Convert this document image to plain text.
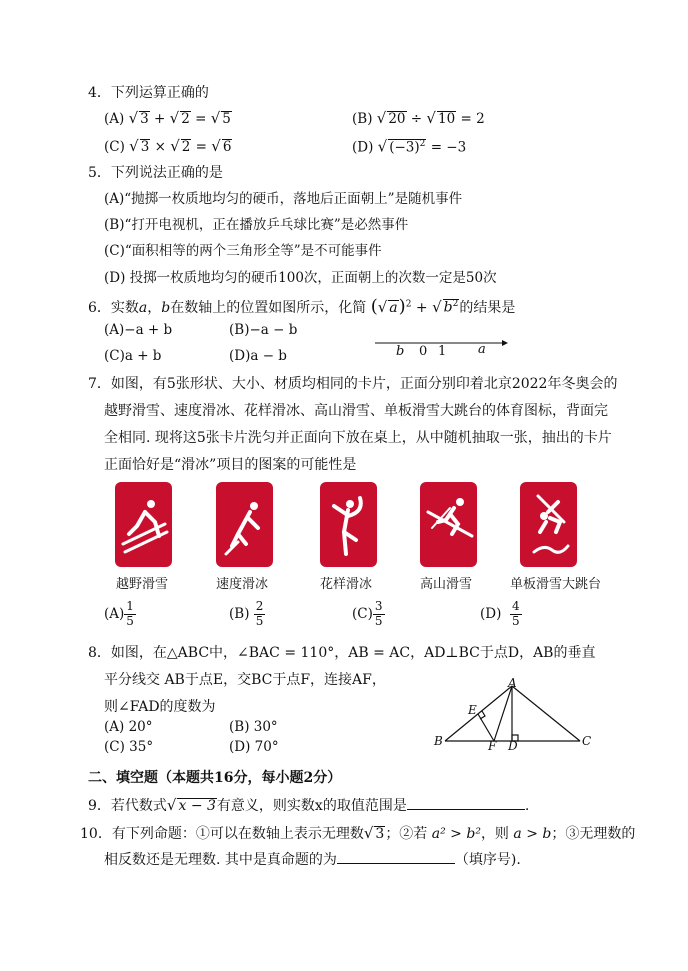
4．下列运算正确的
(A) √ 3 + √ 2 = √ 5	(B) √ 20 ÷ √ 10 = 2
(C) √ 3 × √ 2 = √ 6	(D) √ $(-3)^2 = -3$
5．下列说法正确的是
(A)“抛掷一枚质地均匀的硬币，落地后正面朝上”是随机事件
(B)“打开电视机，正在播放乒乓球比赛”是必然事件
(C)“面积相等的两个三角形全等”是不可能事件
(D) 投掷一枚质地均匀的硬币100次，正面朝上的次数一定是50次
6．实数a，b在数轴上的位置如图所示，化简 (√ a)$^2$ + √ $b^2$的结果是
(A)−a + b	(B)−a − b
(C)a + b	(D)a − b	b 0 1 a
7．如图，有5张形状、大小、材质均相同的卡片，正面分别印着北京2022年冬奥会的
越野滑雪、速度滑冰、花样滑冰、高山滑雪、单板滑雪大跳台的体育图标，背面完
全相同. 现将这5张卡片洗匀并正面向下放在桌上，从中随机抽取一张，抽出的卡片
正面恰好是“滑冰”项目的图案的可能性是
越野滑雪	速度滑冰	花样滑冰	高山滑雪	单板滑雪大跳台
$(A) \frac{1}{5}$	$(B) \frac{2}{5}$	$(C) \frac{3}{5}$	$(D) \frac{4}{5}$
8．如图，在△ABC中，∠BAC = 110°，AB = AC，AD⊥BC于点D，AB的垂直
平分线交 AB于点E，交BC于点F，连接AF，
则∠FAD的度数为
(A) 20°	(B) 30°
(C) 35°	(D) 70°
A
B	C
D
E
F
二、填空题（本题共16分，每小题2分）
9．若代数式√ x − 3有意义，则实数x的取值范围是	.
10．有下列命题：①可以在数轴上表示无理数√ 3；②若 a² > b²，则 a > b；③无理数的
相反数还是无理数. 其中是真命题的为	（填序号).
